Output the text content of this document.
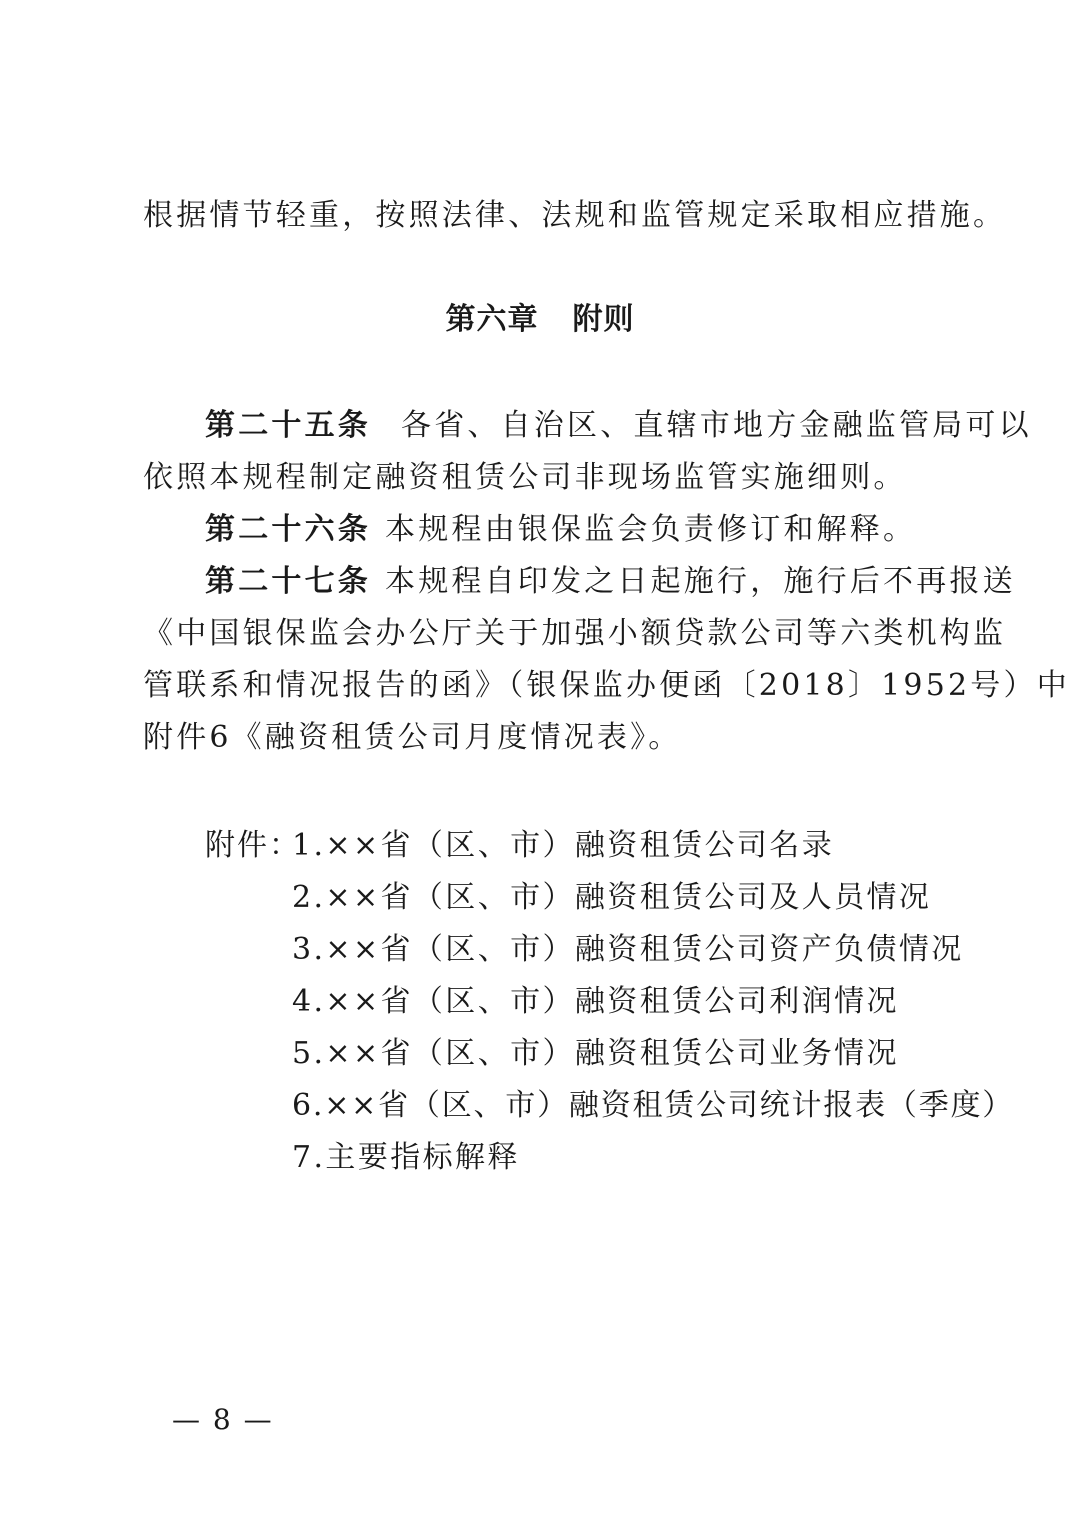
根据情节轻重，按照法律、法规和监管规定采取相应措施。
第六章 附则
第二十五条 各省、自治区、直辖市地方金融监管局可以
依照本规程制定融资租赁公司非现场监管实施细则。
第二十六条 本规程由银保监会负责修订和解释。
第二十七条 本规程自印发之日起施行，施行后不再报送
《中国银保监会办公厅关于加强小额贷款公司等六类机构监
管联系和情况报告的函》（银保监办便函〔2018〕1952号）中
附件6《融资租赁公司月度情况表》。
附件：
1.××省（区、市）融资租赁公司名录
2.××省（区、市）融资租赁公司及人员情况
3.××省（区、市）融资租赁公司资产负债情况
4.××省（区、市）融资租赁公司利润情况
5.××省（区、市）融资租赁公司业务情况
6.××省（区、市）融资租赁公司统计报表（季度）
7.主要指标解释
— 8 —
